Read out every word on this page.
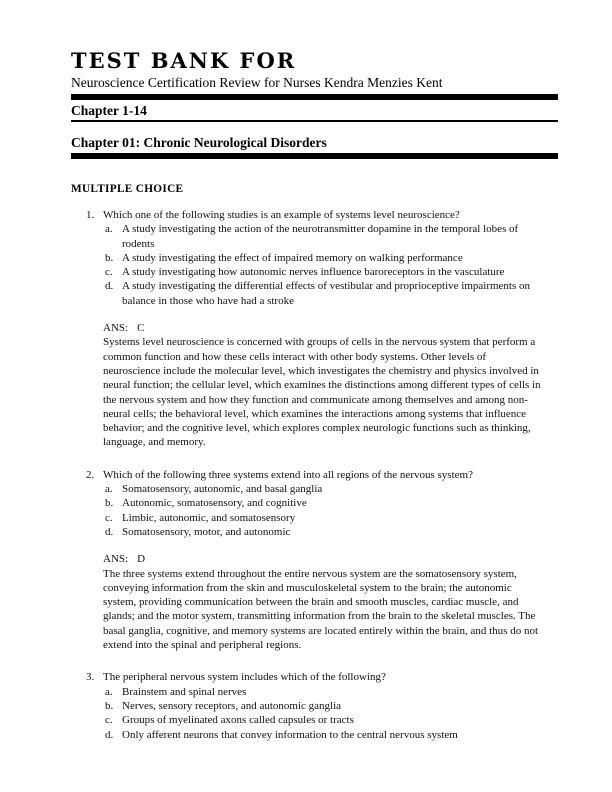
TEST BANK FOR
Neuroscience Certification Review for Nurses Kendra Menzies Kent
Chapter 1-14
Chapter 01: Chronic Neurological Disorders
MULTIPLE CHOICE
1. Which one of the following studies is an example of systems level neuroscience?
a. A study investigating the action of the neurotransmitter dopamine in the temporal lobes of rodents
b. A study investigating the effect of impaired memory on walking performance
c. A study investigating how autonomic nerves influence baroreceptors in the vasculature
d. A study investigating the differential effects of vestibular and proprioceptive impairments on balance in those who have had a stroke
ANS: C
Systems level neuroscience is concerned with groups of cells in the nervous system that perform a common function and how these cells interact with other body systems. Other levels of neuroscience include the molecular level, which investigates the chemistry and physics involved in neural function; the cellular level, which examines the distinctions among different types of cells in the nervous system and how they function and communicate among themselves and among non-neural cells; the behavioral level, which examines the interactions among systems that influence behavior; and the cognitive level, which explores complex neurologic functions such as thinking, language, and memory.
2. Which of the following three systems extend into all regions of the nervous system?
a. Somatosensory, autonomic, and basal ganglia
b. Autonomic, somatosensory, and cognitive
c. Limbic, autonomic, and somatosensory
d. Somatosensory, motor, and autonomic
ANS: D
The three systems extend throughout the entire nervous system are the somatosensory system, conveying information from the skin and musculoskeletal system to the brain; the autonomic system, providing communication between the brain and smooth muscles, cardiac muscle, and glands; and the motor system, transmitting information from the brain to the skeletal muscles. The basal ganglia, cognitive, and memory systems are located entirely within the brain, and thus do not extend into the spinal and peripheral regions.
3. The peripheral nervous system includes which of the following?
a. Brainstem and spinal nerves
b. Nerves, sensory receptors, and autonomic ganglia
c. Groups of myelinated axons called capsules or tracts
d. Only afferent neurons that convey information to the central nervous system
